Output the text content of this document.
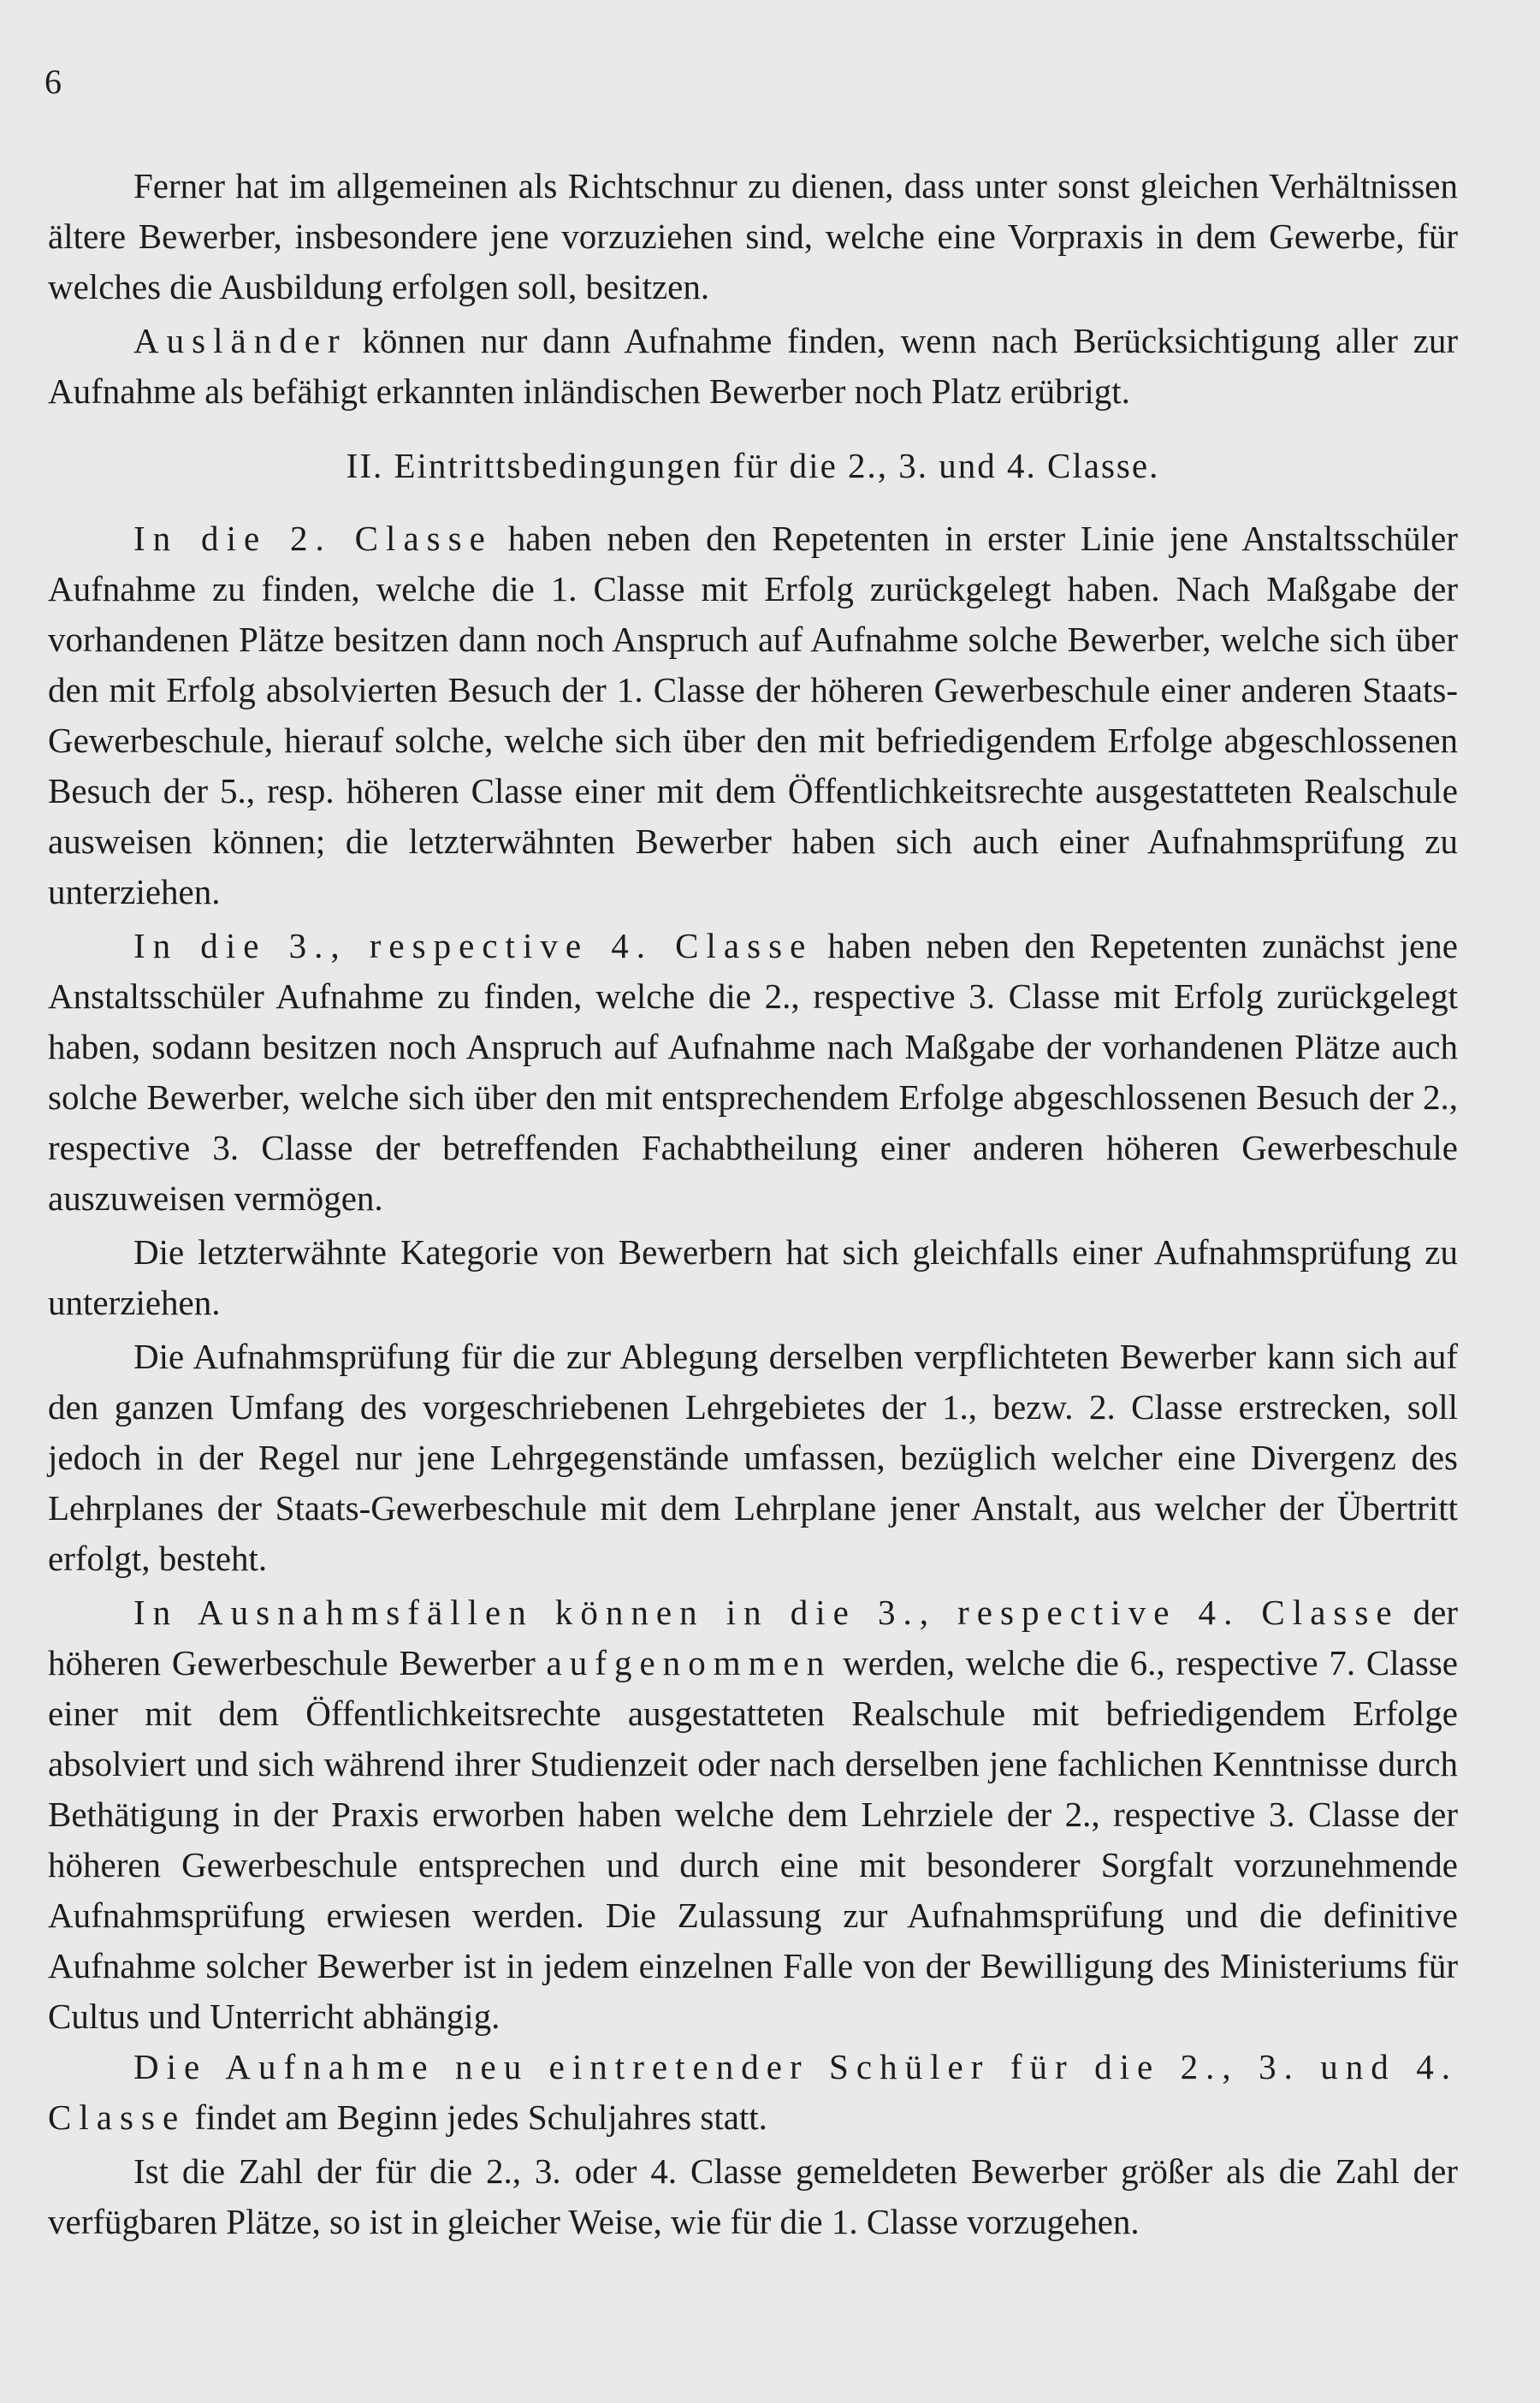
6

Ferner hat im allgemeinen als Richtschnur zu dienen, dass unter sonst gleichen Verhältnissen ältere Bewerber, insbesondere jene vorzuziehen sind, welche eine Vorpraxis in dem Gewerbe, für welches die Ausbildung erfolgen soll, besitzen.

Ausländer können nur dann Aufnahme finden, wenn nach Berücksichtigung aller zur Aufnahme als befähigt erkannten inländischen Bewerber noch Platz erübrigt.

II. Eintrittsbedingungen für die 2., 3. und 4. Classe.

In die 2. Classe haben neben den Repetenten in erster Linie jene Anstaltsschüler Aufnahme zu finden, welche die 1. Classe mit Erfolg zurückgelegt haben. Nach Maßgabe der vorhandenen Plätze besitzen dann noch Anspruch auf Aufnahme solche Bewerber, welche sich über den mit Erfolg absolvierten Besuch der 1. Classe der höheren Gewerbeschule einer anderen Staats-Gewerbeschule, hierauf solche, welche sich über den mit befriedigendem Erfolge abgeschlossenen Besuch der 5., resp. höheren Classe einer mit dem Öffentlichkeitsrechte ausgestatteten Realschule ausweisen können; die letzterwähnten Bewerber haben sich auch einer Aufnahmsprüfung zu unterziehen.

In die 3., respective 4. Classe haben neben den Repetenten zunächst jene Anstaltsschüler Aufnahme zu finden, welche die 2., respective 3. Classe mit Erfolg zurückgelegt haben, sodann besitzen noch Anspruch auf Aufnahme nach Maßgabe der vorhandenen Plätze auch solche Bewerber, welche sich über den mit entsprechendem Erfolge abgeschlossenen Besuch der 2., respective 3. Classe der betreffenden Fachabtheilung einer anderen höheren Gewerbeschule auszuweisen vermögen.

Die letzterwähnte Kategorie von Bewerbern hat sich gleichfalls einer Aufnahmsprüfung zu unterziehen.

Die Aufnahmsprüfung für die zur Ablegung derselben verpflichteten Bewerber kann sich auf den ganzen Umfang des vorgeschriebenen Lehrgebietes der 1., bezw. 2. Classe erstrecken, soll jedoch in der Regel nur jene Lehrgegenstände umfassen, bezüglich welcher eine Divergenz des Lehrplanes der Staats-Gewerbeschule mit dem Lehrplane jener Anstalt, aus welcher der Übertritt erfolgt, besteht.

In Ausnahmsfällen können in die 3., respective 4. Classe der höheren Gewerbeschule Bewerber aufgenommen werden, welche die 6., respective 7. Classe einer mit dem Öffentlichkeitsrechte ausgestatteten Realschule mit befriedigendem Erfolge absolviert und sich während ihrer Studienzeit oder nach derselben jene fachlichen Kenntnisse durch Bethätigung in der Praxis erworben haben welche dem Lehrziele der 2., respective 3. Classe der höheren Gewerbeschule entsprechen und durch eine mit besonderer Sorgfalt vorzunehmende Aufnahmsprüfung erwiesen werden. Die Zulassung zur Aufnahmsprüfung und die definitive Aufnahme solcher Bewerber ist in jedem einzelnen Falle von der Bewilligung des Ministeriums für Cultus und Unterricht abhängig.

Die Aufnahme neu eintretender Schüler für die 2., 3. und 4. Classe findet am Beginn jedes Schuljahres statt.

Ist die Zahl der für die 2., 3. oder 4. Classe gemeldeten Bewerber größer als die Zahl der verfügbaren Plätze, so ist in gleicher Weise, wie für die 1. Classe vorzugehen.
